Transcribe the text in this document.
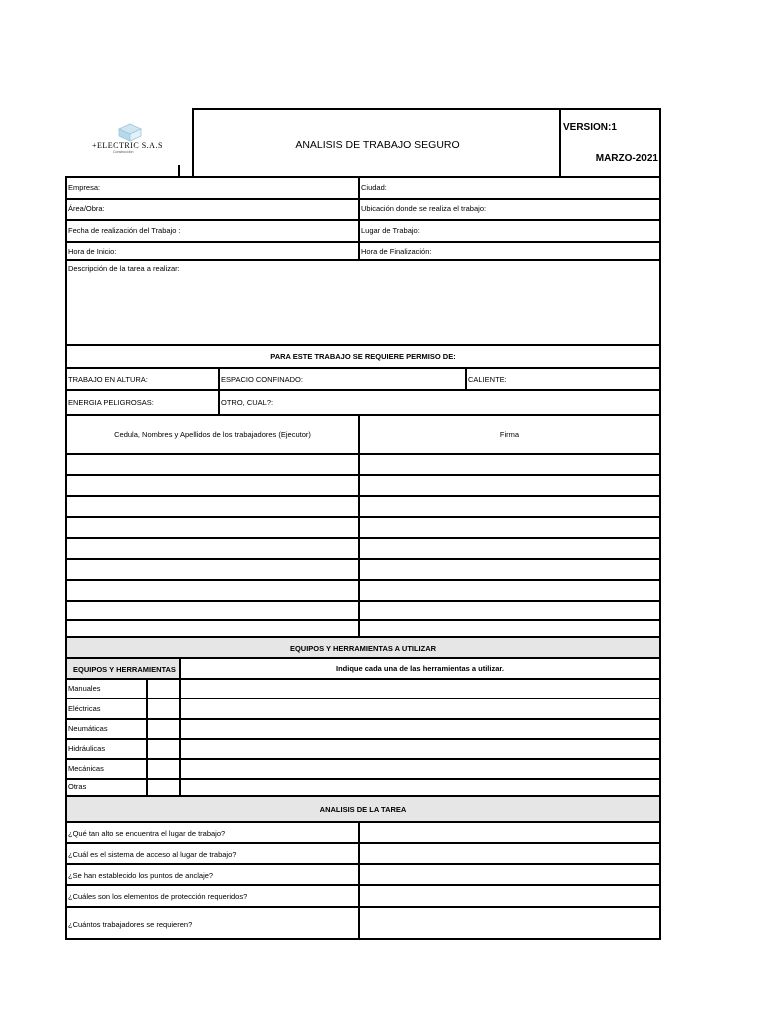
+ELECTRIC S.A.S
Construcción
ANALISIS DE TRABAJO SEGURO
VERSION:1
MARZO-2021
Empresa:	Ciudad:
Área/Obra:	Ubicación donde se realiza el trabajo:
Fecha de realización del Trabajo :	Lugar de Trabajo:
Hora de Inicio:	Hora de Finalización:
Descripción de la tarea a realizar:
PARA ESTE TRABAJO SE REQUIERE PERMISO DE:
TRABAJO EN ALTURA:	ESPACIO CONFINADO:	CALIENTE:
ENERGIA PELIGROSAS:	OTRO, CUAL?:
Cedula, Nombres y Apellidos de los trabajadores (Ejecutor)	Firma
EQUIPOS Y HERRAMIENTAS A UTILIZAR
EQUIPOS Y HERRAMIENTAS	Indique cada una de las herramientas a utilizar.
Manuales
Eléctricas
Neumáticas
Hidráulicas
Mecánicas
Otras
ANALISIS DE LA TAREA
¿Qué tan alto se encuentra el lugar de trabajo?
¿Cuál es el sistema de acceso al lugar de trabajo?
¿Se han establecido los puntos de anclaje?
¿Cuáles son los elementos de protección requeridos?
¿Cuántos trabajadores se requieren?
